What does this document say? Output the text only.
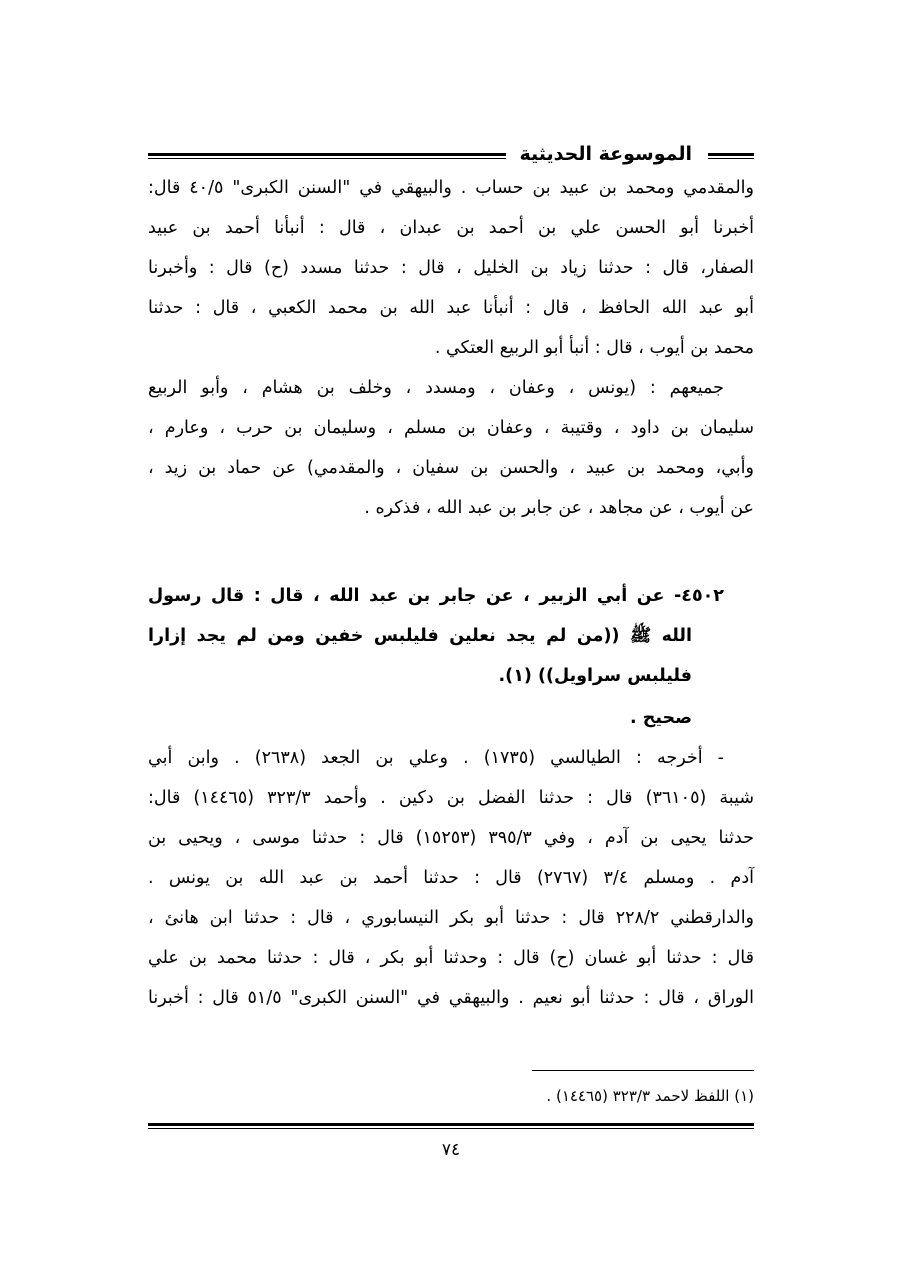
الموسوعة الحديثية
والمقدمي ومحمد بن عبيد بن حساب . والبيهقي في "السنن الكبرى" ٤٠/٥ قال:
أخبرنا أبو الحسن علي بن أحمد بن عبدان ، قال : أنبأنا أحمد بن عبيد
الصفار، قال : حدثنا زياد بن الخليل ، قال : حدثنا مسدد (ح) قال : وأخبرنا
أبو عبد الله الحافظ ، قال : أنبأنا عبد الله بن محمد الكعبي ، قال : حدثنا
محمد بن أيوب ، قال : أنبأ أبو الربيع العتكي .
جميعهم : (يونس ، وعفان ، ومسدد ، وخلف بن هشام ، وأبو الربيع
سليمان بن داود ، وقتيبة ، وعفان بن مسلم ، وسليمان بن حرب ، وعارم ،
وأبي، ومحمد بن عبيد ، والحسن بن سفيان ، والمقدمي) عن حماد بن زيد ،
عن أيوب ، عن مجاهد ، عن جابر بن عبد الله ، فذكره .
٤٥٠٢- عن أبي الزبير ، عن جابر بن عبد الله ، قال : قال رسول
الله ﷺ ((من لم يجد نعلين فليلبس خفين ومن لم يجد إزارا
فليلبس سراويل)) (١).
صحيح .
- أخرجه : الطيالسي (١٧٣٥) . وعلي بن الجعد (٢٦٣٨) . وابن أبي
شيبة (٣٦١٠٥) قال : حدثنا الفضل بن دكين . وأحمد ٣٢٣/٣ (١٤٤٦٥) قال:
حدثنا يحيى بن آدم ، وفي ٣٩٥/٣ (١٥٢٥٣) قال : حدثنا موسى ، ويحيى بن
آدم . ومسلم ٣/٤ (٢٧٦٧) قال : حدثنا أحمد بن عبد الله بن يونس .
والدارقطني ٢٢٨/٢ قال : حدثنا أبو بكر النيسابوري ، قال : حدثنا ابن هانئ ،
قال : حدثنا أبو غسان (ح) قال : وحدثنا أبو بكر ، قال : حدثنا محمد بن علي
الوراق ، قال : حدثنا أبو نعيم . والبيهقي في "السنن الكبرى" ٥١/٥ قال : أخبرنا
(١) اللفظ لاحمد ٣٢٣/٣ (١٤٤٦٥) .
٧٤
